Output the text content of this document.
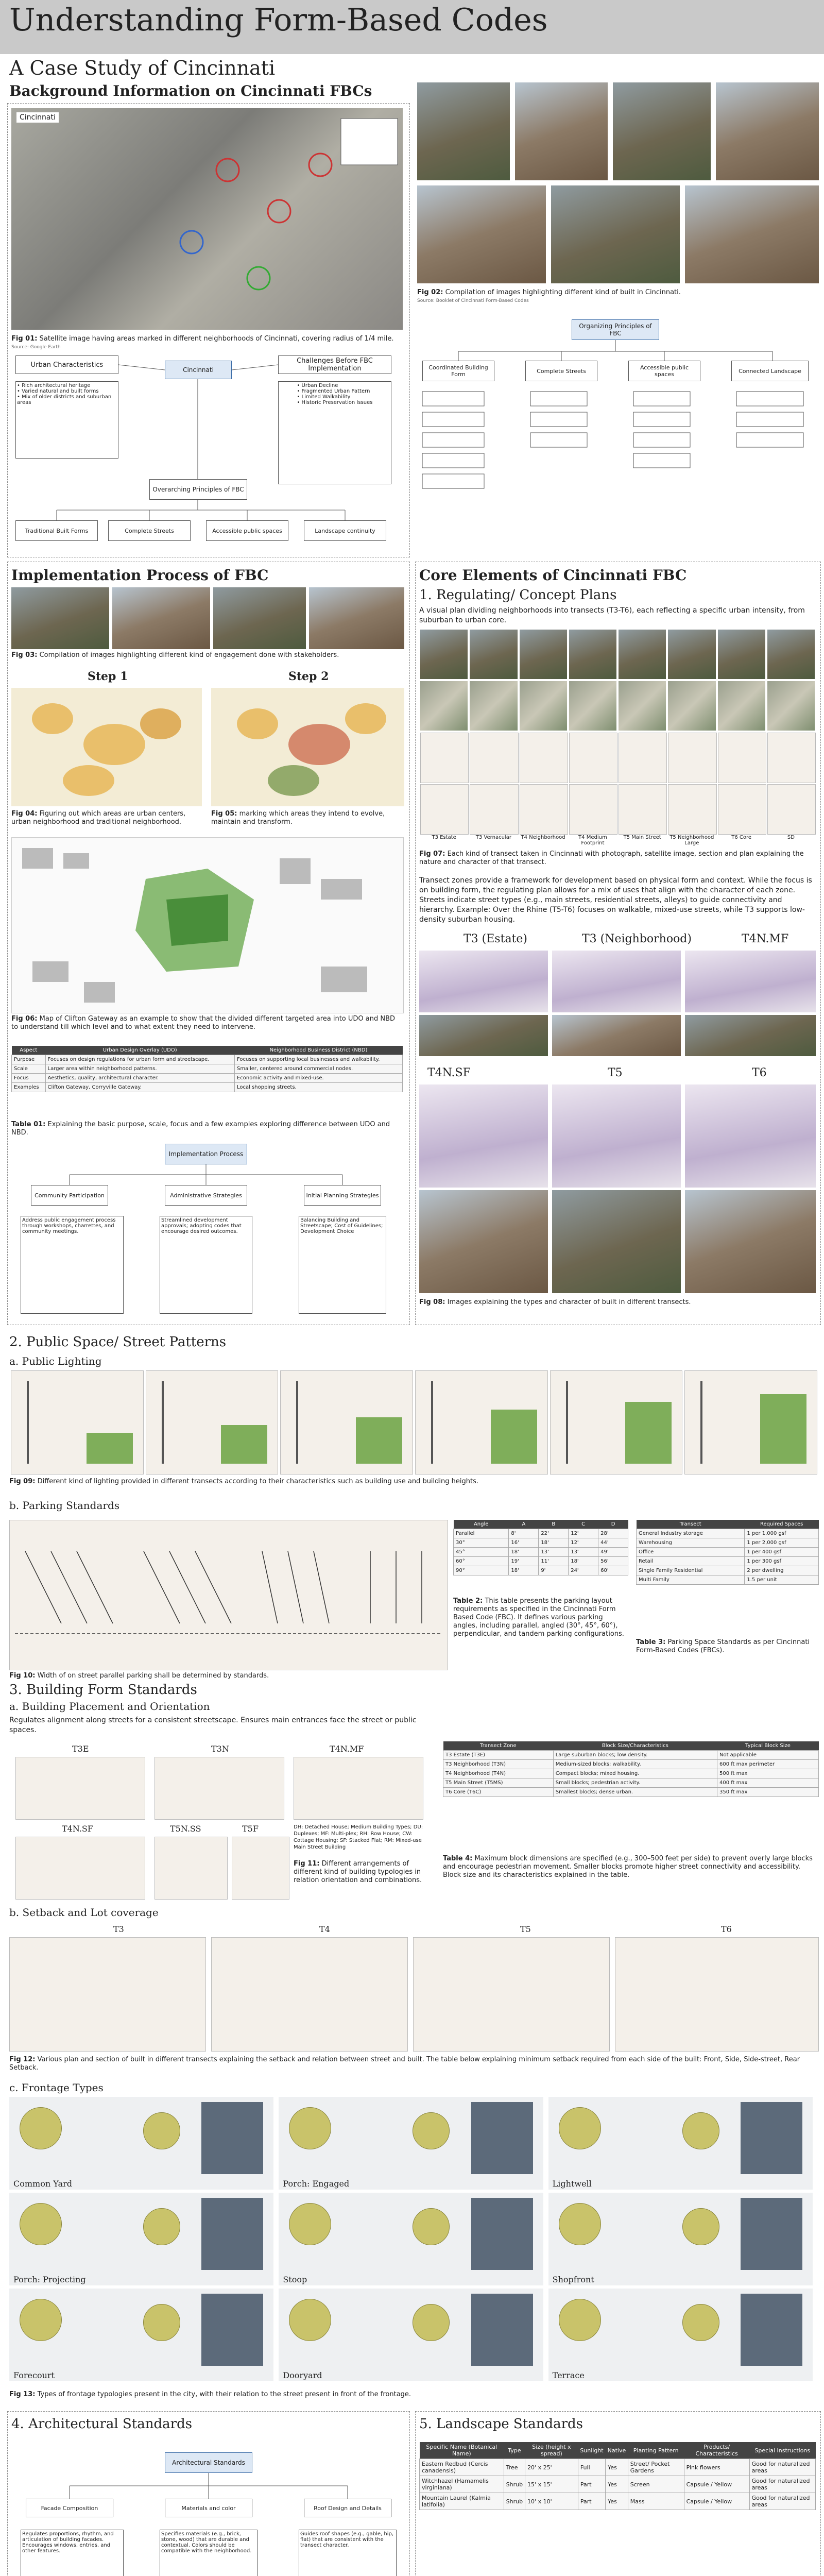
Understanding Form-Based Codes
A Case Study of Cincinnati
Background Information on Cincinnati FBCs
Cincinnati
Fig 01: Satellite image having areas marked in different neighborhoods of Cincinnati, covering radius of 1/4 mile.
Source: Google Earth
Cincinnati
Urban Characteristics	Challenges Before FBC Implementation
• Rich architectural heritage
• Varied natural and built forms
• Mix of older districts and suburban areas
• Urban Decline
• Fragmented Urban Pattern
• Limited Walkability
• Historic Preservation Issues
Overarching Principles of FBC
Traditional Built Forms	Complete Streets	Accessible public spaces	Landscape continuity
Fig 02: Compilation of images highlighting different kind of built in Cincinnati.
Source: Booklet of Cincinnati Form-Based Codes
Organizing Principles of FBC
Coordinated Building Form	Complete Streets	Accessible public spaces	Connected Landscape
Implementation Process of FBC
Fig 03: Compilation of images highlighting different kind of engagement done with stakeholders.
Step 1	Step 2
Fig 04: Figuring out which areas are urban centers, urban neighborhood and traditional neighborhood.
Fig 05: marking which areas they intend to evolve, maintain and transform.
Fig 06: Map of Clifton Gateway as an example to show that the divided different targeted area into UDO and NBD to understand till which level and to what extent they need to intervene.
Aspect	Urban Design Overlay (UDO)	Neighborhood Business District (NBD)
Purpose	Focuses on design regulations for urban form and streetscape.	Focuses on supporting local businesses and walkability.
Scale	Larger area within neighborhood patterns.	Smaller, centered around commercial nodes.
Focus	Aesthetics, quality, architectural character.	Economic activity and mixed-use.
Examples	Clifton Gateway, Corryville Gateway.	Local shopping streets.
Table 01: Explaining the basic purpose, scale, focus and a few examples exploring difference between UDO and NBD.
Implementation Process
Community Participation	Administrative Strategies	Initial Planning Strategies
Address public engagement process through workshops, charrettes, and community meetings.
Streamlined development approvals; adopting codes that encourage desired outcomes.
Balancing Building and Streetscape; Cost of Guidelines; Development Choice
Core Elements of Cincinnati FBC
1. Regulating/ Concept Plans
A visual plan dividing neighborhoods into transects (T3-T6), each reflecting a specific urban intensity, from suburban to urban core.
T3 Estate	T3 Vernacular	T4 Neighborhood	T4 Medium Footprint
T5 Main Street	T5 Neighborhood Large
T6 Core	SD
Fig 07: Each kind of transect taken in Cincinnati with photograph, satellite image, section and plan explaining the nature and character of that transect.
Transect zones provide a framework for development based on physical form and context. While the focus is on building form, the regulating plan allows for a mix of uses that align with the character of each zone. Streets indicate street types (e.g., main streets, residential streets, alleys) to guide connectivity and hierarchy. Example: Over the Rhine (T5-T6) focuses on walkable, mixed-use streets, while T3 supports low-density suburban housing.
T3 (Estate)	T3 (Neighborhood)	T4N.MF
T4N.SF	T5	T6
Fig 08: Images explaining the types and character of built in different transects.
2. Public Space/ Street Patterns
a. Public Lighting
Fig 09: Different kind of lighting provided in different transects according to their characteristics such as building use and building heights.
b. Parking Standards
Fig 10: Width of on street parallel parking shall be determined by standards.
Angle	A	B	C	D
Parallel	8'	22'	12'	28'
30°	16'	18'	12'	44'
45°	18'	13'	13'	49'
60°	19'	11'	18'	56'
90°	18'	9'	24'	60'
Table 2: This table presents the parking layout requirements as specified in the Cincinnati Form Based Code (FBC). It defines various parking angles, including parallel, angled (30°, 45°, 60°), perpendicular, and tandem parking configurations.
Transect	Required Spaces
General Industry storage	1 per 1,000 gsf
Warehousing	1 per 2,000 gsf
Office	1 per 400 gsf
Retail	1 per 300 gsf
Single Family Residential	2 per dwelling
Multi Family	1.5 per unit
Table 3: Parking Space Standards as per Cincinnati Form-Based Codes (FBCs).
3. Building Form Standards
a. Building Placement and Orientation
Regulates alignment along streets for a consistent streetscape. Ensures main entrances face the street or public spaces.
T3E	T3N	T4N.MF
T4N.SF	T5N.SS	T5F	DH: Detached House; Medium Building Types; DU: Duplexes; MF: Multi-plex; RH: Row House; CW: Cottage Housing; SF: Stacked Flat; RM: Mixed-use Main Street Building
Fig 11: Different arrangements of different kind of building typologies in relation orientation and combinations.
Transect Zone	Block Size/Characteristics	Typical Block Size
T3 Estate (T3E)	Large suburban blocks; low density.	Not applicable
T3 Neighborhood (T3N)	Medium-sized blocks; walkability.	600 ft max perimeter
T4 Neighborhood (T4N)	Compact blocks; mixed housing.	500 ft max
T5 Main Street (T5MS)	Small blocks; pedestrian activity.	400 ft max
T6 Core (T6C)	Smallest blocks; dense urban.	350 ft max
Table 4: Maximum block dimensions are specified (e.g., 300–500 feet per side) to prevent overly large blocks and encourage pedestrian movement. Smaller blocks promote higher street connectivity and accessibility. Block size and its characteristics explained in the table.
b. Setback and Lot coverage
T3	T4	T5	T6
Fig 12: Various plan and section of built in different transects explaining the setback and relation between street and built. The table below explaining minimum setback required from each side of the built: Front, Side, Side-street, Rear Setback.
c. Frontage Types
Common Yard	Porch: Engaged	Lightwell
Porch: Projecting	Stoop	Shopfront
Forecourt	Dooryard	Terrace
Fig 13: Types of frontage typologies present in the city, with their relation to the street present in front of the frontage.
4. Architectural Standards
Architectural Standards
Facade Composition	Materials and color	Roof Design and Details
Regulates proportions, rhythm, and articulation of building facades. Encourages windows, entries, and other features.
Specifies materials (e.g., brick, stone, wood) that are durable and contextual. Colors should be compatible with the neighborhood.
Guides roof shapes (e.g., gable, hip, flat) that are consistent with the transect character.
5. Landscape Standards
Specific Name (Botanical Name)	Type	Size (height x spread)	Sunlight	Native	Planting Pattern	Products/ Characteristics	Special Instructions
Eastern Redbud (Cercis canadensis)	Tree	20' x 25'	Full	Yes	Street/ Pocket Gardens	Pink flowers	Good for naturalized areas
Witchhazel (Hamamelis virginiana)	Shrub	15' x 15'	Part	Yes	Screen	Capsule / Yellow	Good for naturalized areas
Mountain Laurel (Kalmia latifolia)	Shrub	10' x 10'	Part	Yes	Mass	Capsule / Yellow	Good for naturalized areas
